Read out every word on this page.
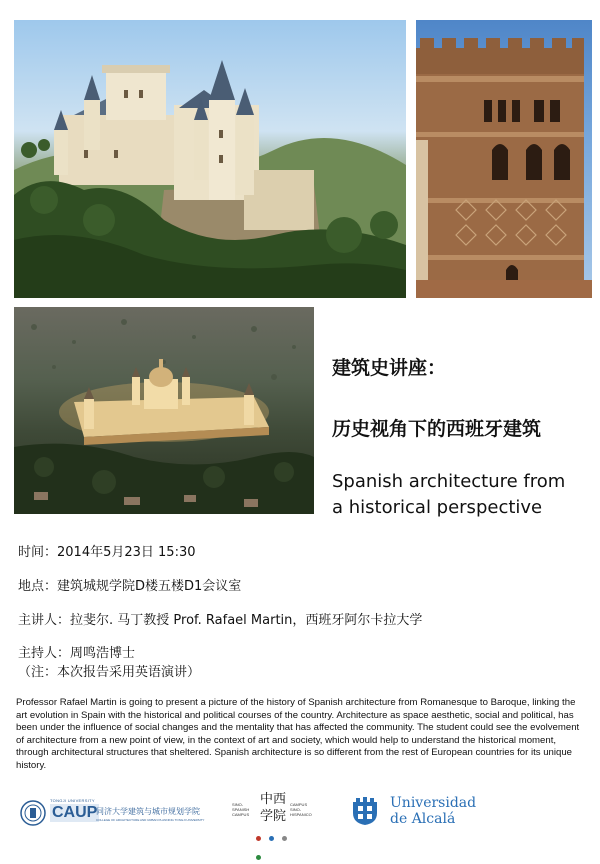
建筑史讲座：
历史视角下的西班牙建筑
Spanish architecture from
a historical perspective
时间：2014年5月23日 15:30
地点：建筑城规学院D楼五楼D1会议室
主讲人：拉斐尔. 马丁教授 Prof. Rafael Martin，西班牙阿尔卡拉大学
主持人：周鸣浩博士
（注：本次报告采用英语演讲）
Professor Rafael Martin is going to present a picture of the history of Spanish architecture from Romanesque to Baroque, linking the art evolution in Spain with the historical and political courses of the country. Architecture as space aesthetic, social and political, has been under the influence of social changes and the mentality that has affected the community. The student could see the evolvement of architecture from a new point of view, in the context of art and society, which would help to understand the historical moment, through architectural structures that sheltered. Spanish architecture is so different from the rest of European countries for its unique history.
TONGJI UNIVERSITY
CAUP
同济大学建筑与城市规划学院
COLLEGE OF ARCHITECTURE AND URBAN PLANNING TONGJI UNIVERSITY
中西
学院
SINO-SPANISH CAMPUS
CAMPUS SINO-HISPANICO

Universidad
de Alcalá
